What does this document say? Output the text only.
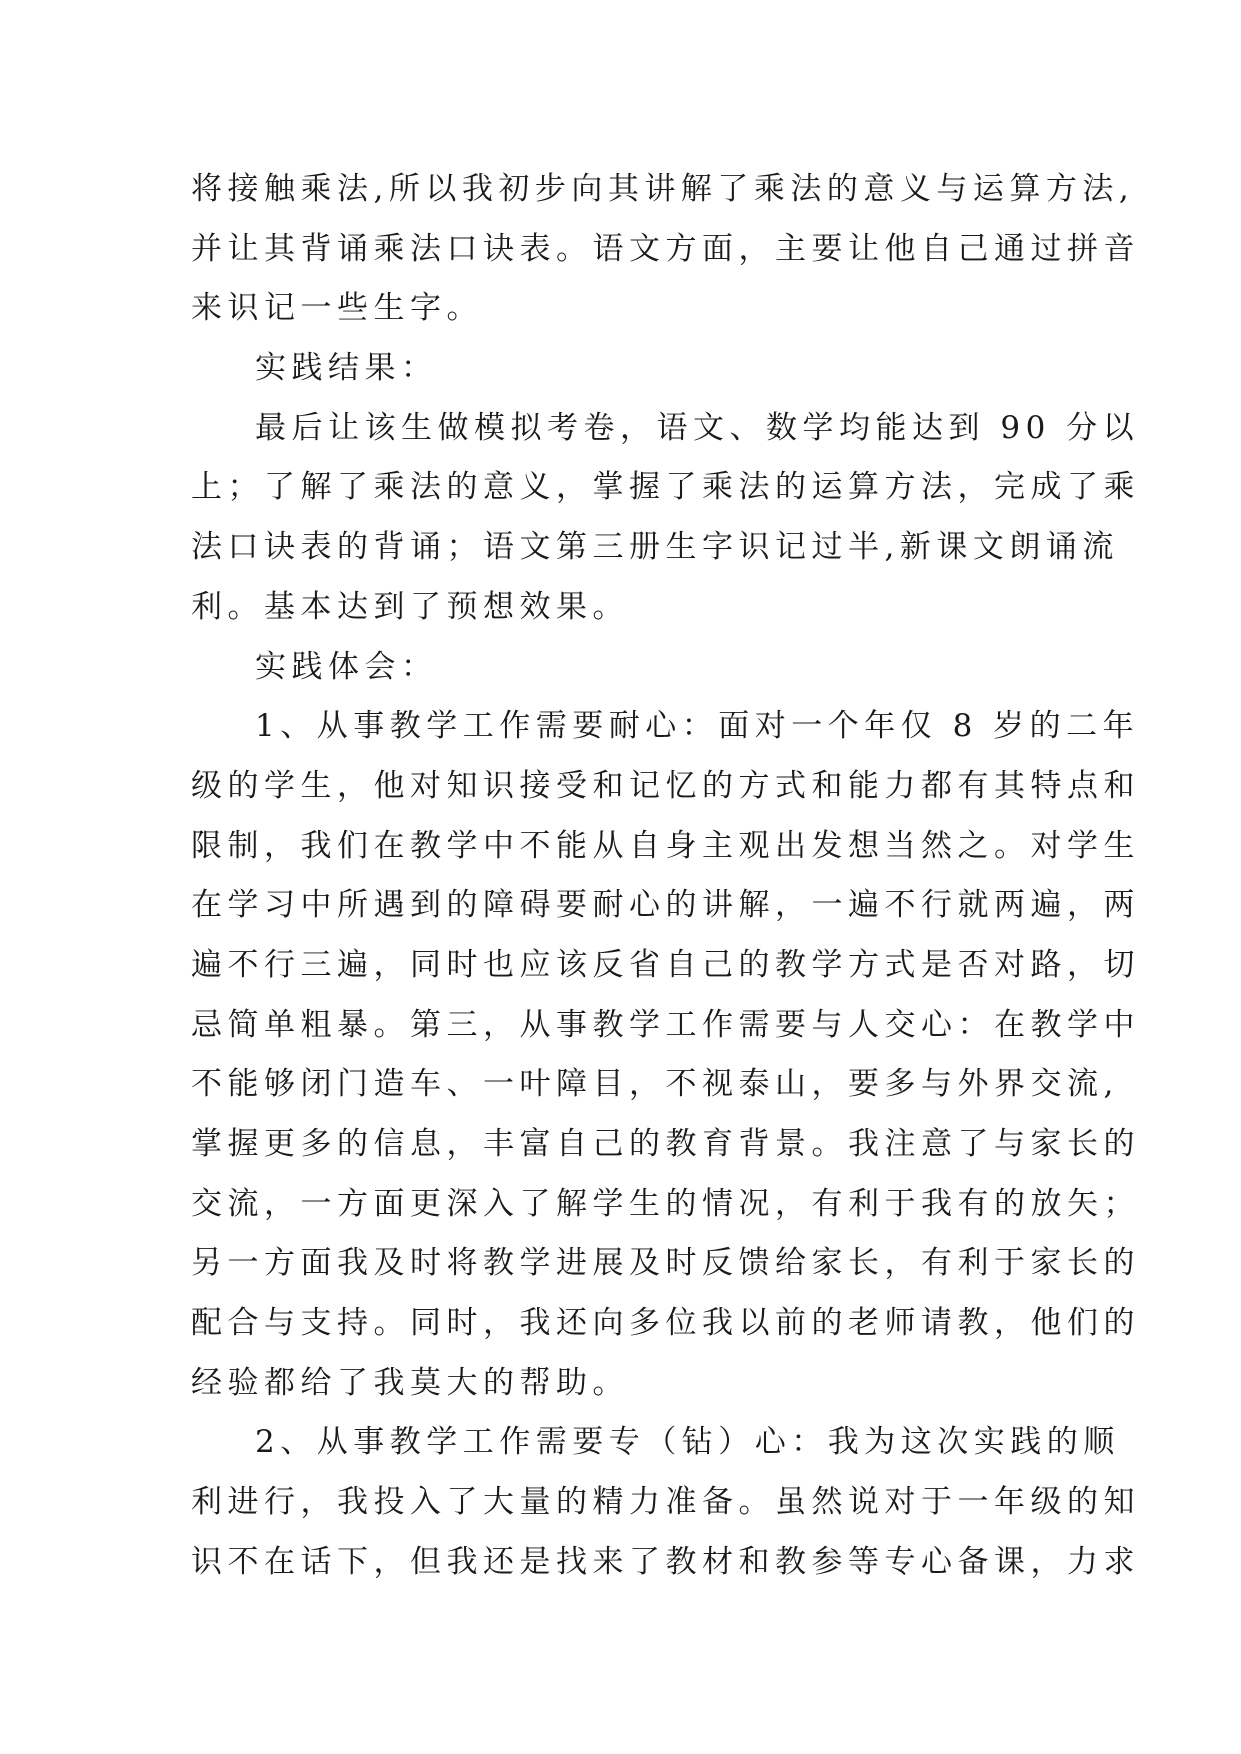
将接触乘法,所以我初步向其讲解了乘法的意义与运算方法,
并让其背诵乘法口诀表。语文方面，主要让他自己通过拼音
来识记一些生字。
实践结果：
最后让该生做模拟考卷，语文、数学均能达到 90 分以
上；了解了乘法的意义，掌握了乘法的运算方法，完成了乘
法口诀表的背诵；语文第三册生字识记过半,新课文朗诵流
利。基本达到了预想效果。
实践体会：
1、从事教学工作需要耐心：面对一个年仅 8 岁的二年
级的学生，他对知识接受和记忆的方式和能力都有其特点和
限制，我们在教学中不能从自身主观出发想当然之。对学生
在学习中所遇到的障碍要耐心的讲解，一遍不行就两遍，两
遍不行三遍，同时也应该反省自己的教学方式是否对路，切
忌简单粗暴。第三，从事教学工作需要与人交心：在教学中
不能够闭门造车、一叶障目，不视泰山，要多与外界交流,
掌握更多的信息，丰富自己的教育背景。我注意了与家长的
交流，一方面更深入了解学生的情况，有利于我有的放矢；
另一方面我及时将教学进展及时反馈给家长，有利于家长的
配合与支持。同时，我还向多位我以前的老师请教，他们的
经验都给了我莫大的帮助。
2、从事教学工作需要专（钻）心：我为这次实践的顺
利进行，我投入了大量的精力准备。虽然说对于一年级的知
识不在话下，但我还是找来了教材和教参等专心备课，力求
